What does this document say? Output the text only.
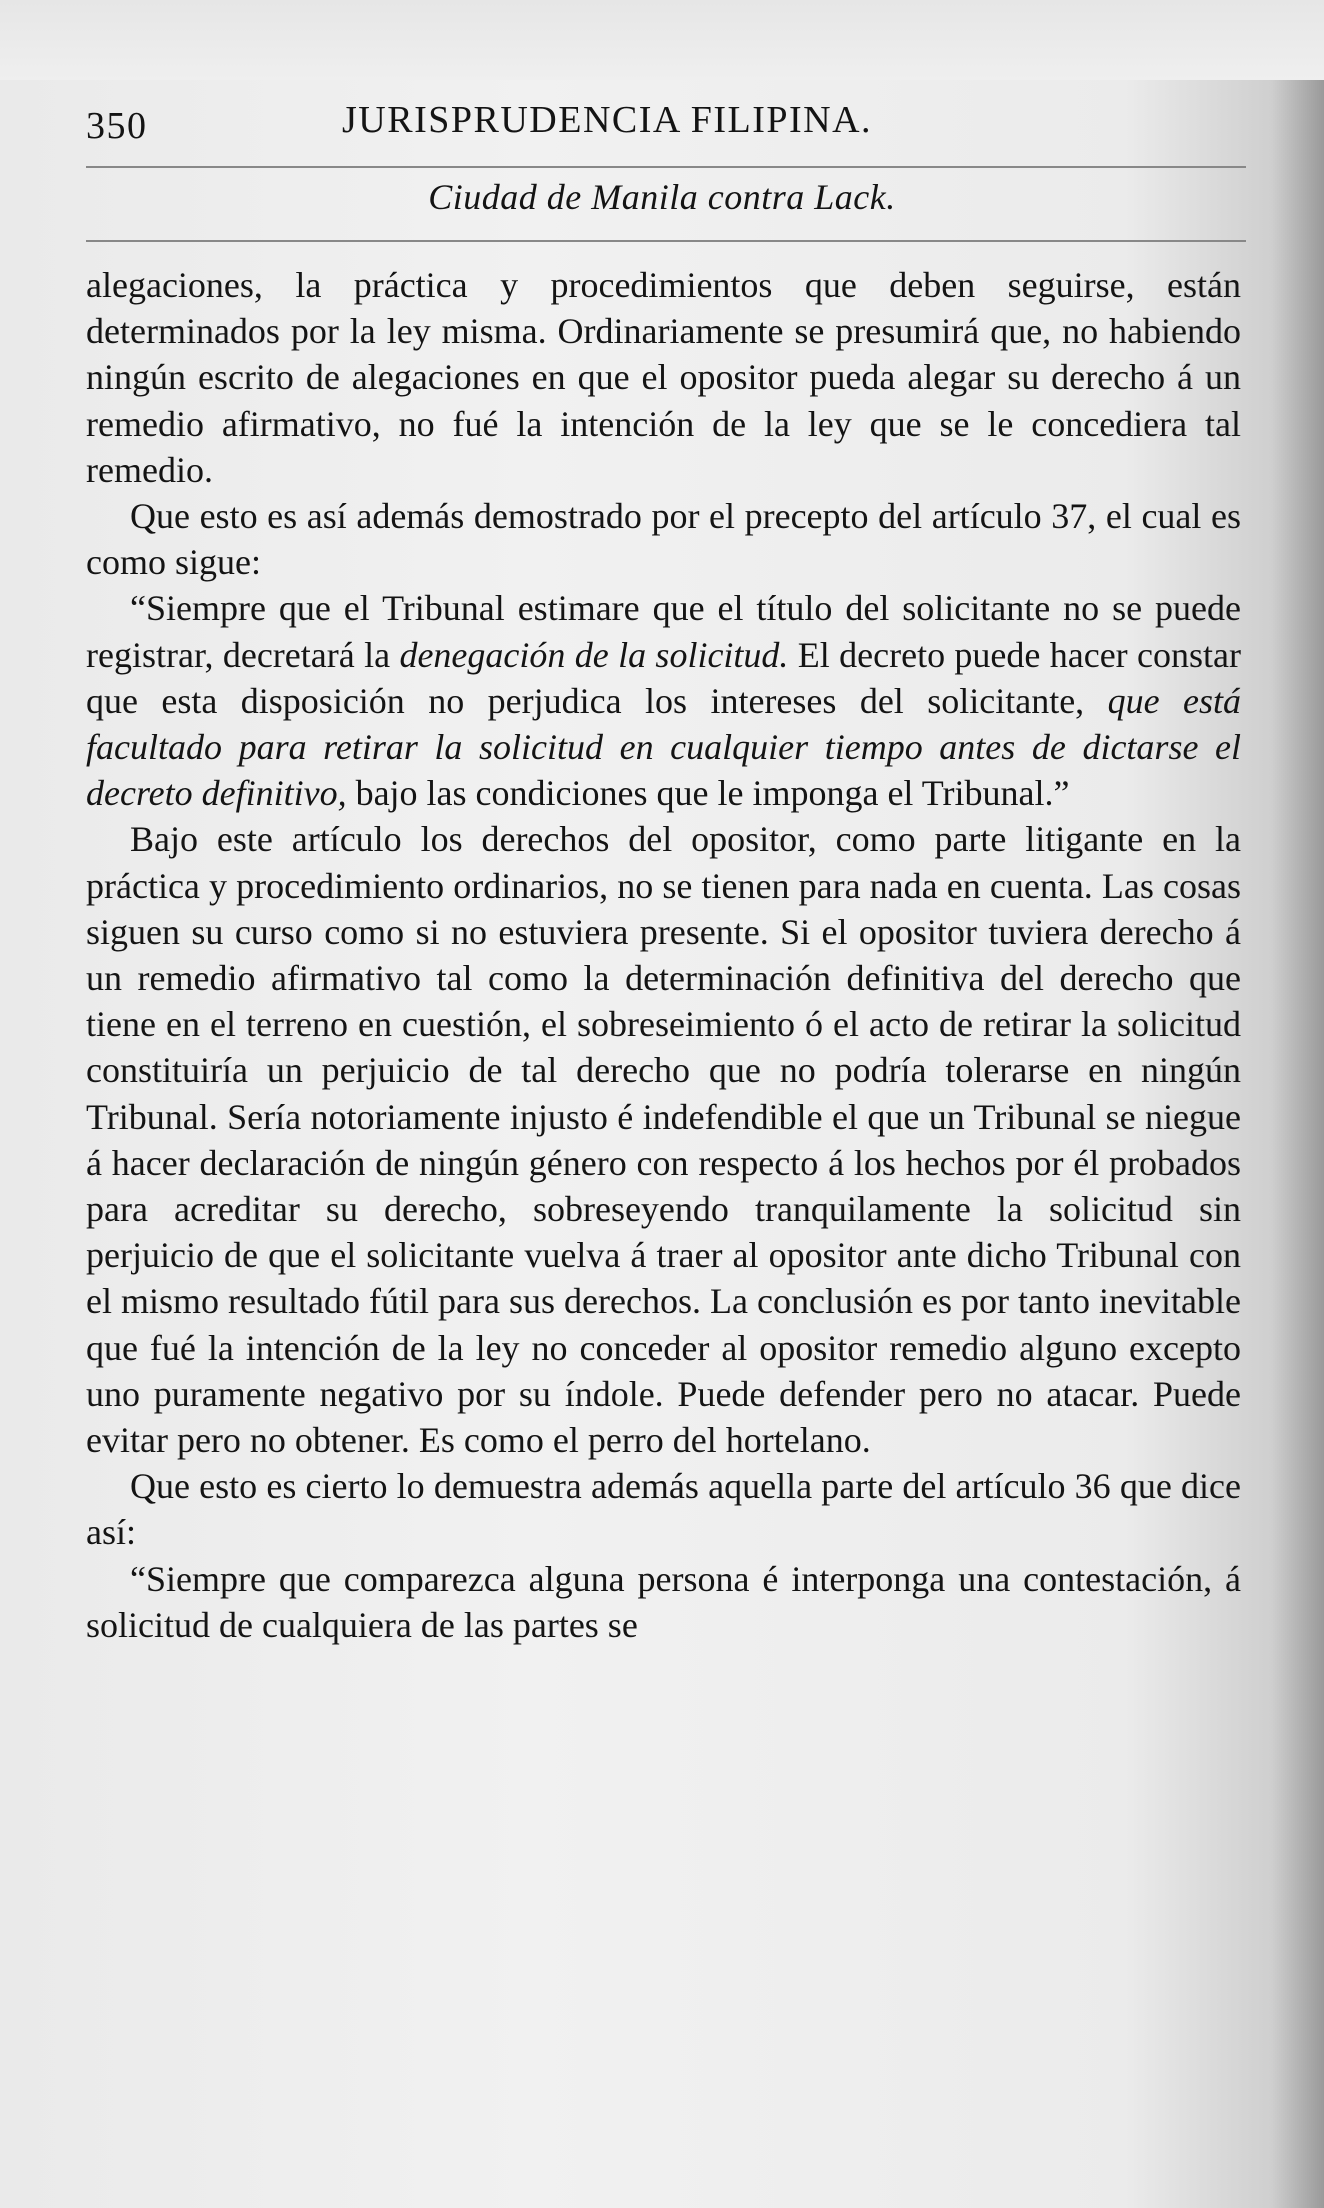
350	JURISPRUDENCIA FILIPINA.
Ciudad de Manila contra Lack.

alegaciones, la práctica y procedimientos que deben seguirse, están determinados por la ley misma. Ordinariamente se presumirá que, no habiendo ningún escrito de alegaciones en que el opositor pueda alegar su derecho á un remedio afirmativo, no fué la intención de la ley que se le concediera tal remedio.

Que esto es así además demostrado por el precepto del artículo 37, el cual es como sigue:

“Siempre que el Tribunal estimare que el título del solicitante no se puede registrar, decretará la denegación de la solicitud. El decreto puede hacer constar que esta disposición no perjudica los intereses del solicitante, que está facultado para retirar la solicitud en cualquier tiempo antes de dictarse el decreto definitivo, bajo las condiciones que le imponga el Tribunal.”

Bajo este artículo los derechos del opositor, como parte litigante en la práctica y procedimiento ordinarios, no se tienen para nada en cuenta. Las cosas siguen su curso como si no estuviera presente. Si el opositor tuviera derecho á un remedio afirmativo tal como la determinación definitiva del derecho que tiene en el terreno en cuestión, el sobreseimiento ó el acto de retirar la solicitud constituiría un perjuicio de tal derecho que no podría tolerarse en ningún Tribunal. Sería notoriamente injusto é indefendible el que un Tribunal se niegue á hacer declaración de ningún género con respecto á los hechos por él probados para acreditar su derecho, sobreseyendo tranquilamente la solicitud sin perjuicio de que el solicitante vuelva á traer al opositor ante dicho Tribunal con el mismo resultado fútil para sus derechos. La conclusión es por tanto inevitable que fué la intención de la ley no conceder al opositor remedio alguno excepto uno puramente negativo por su índole. Puede defender pero no atacar. Puede evitar pero no obtener. Es como el perro del hortelano.

Que esto es cierto lo demuestra además aquella parte del artículo 36 que dice así:

“Siempre que comparezca alguna persona é interponga una contestación, á solicitud de cualquiera de las partes se
